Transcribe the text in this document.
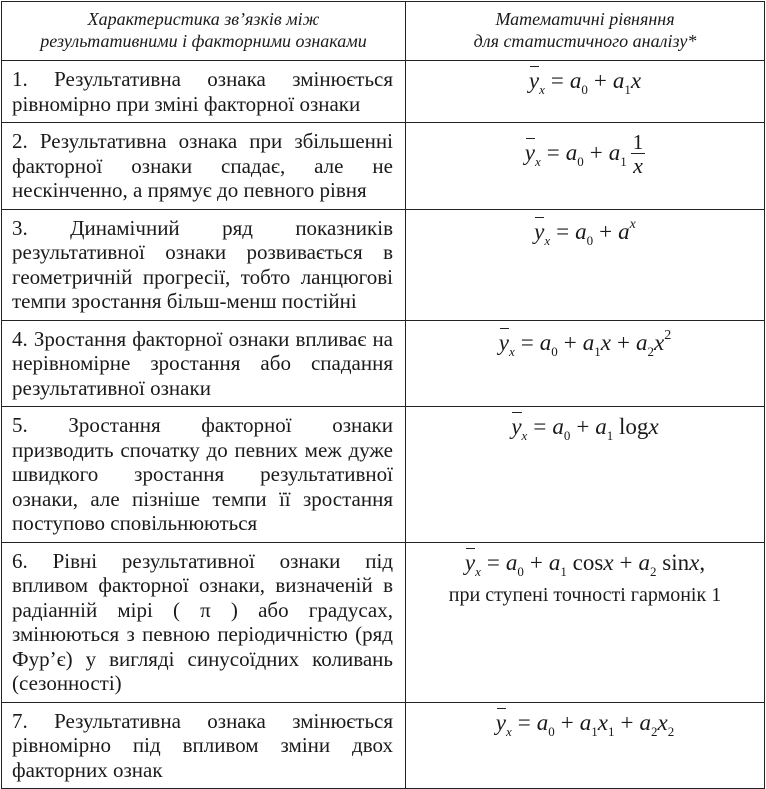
Характеристика зв’язків між
результативними і факторними ознаками	Математичні рівняння
для статистичного аналізу*

1. Результативна ознака змінюється рівномірно при зміні факторної ознаки	$y_x = a_0 + a_1x$

2. Результативна ознака при збільшенні факторної ознаки спадає, але не нескінченно, а прямує до певного рівня	$y_x = a_0 + a_1 \frac{1}{x}$

3. Динамічний ряд показників результативної ознаки розвивається в геометричній прогресії, тобто ланцюгові темпи зростання більш-менш постійні	$y_x = a_0 + a^x$

4. Зростання факторної ознаки впливає на нерівномірне зростання або спадання результативної ознаки	$y_x = a_0 + a_1x + a_2x^2$

5. Зростання факторної ознаки призводить спочатку до певних меж дуже швидкого зростання результативної ознаки, але пізніше темпи її зростання поступово сповільнюються	$y_x = a_0 + a_1$ logx

6. Рівні результативної ознаки під впливом факторної ознаки, визначеній в радіанній мірі ( π ) або градусах, змінюються з певною періодичністю (ряд Фур’є) у вигляді синусоїдних коливань (сезонності)	$y_x = a_0 + a_1$ $\cos x + a_2$ sinx,
при ступені точності гармонік 1

7. Результативна ознака змінюється рівномірно під впливом зміни двох факторних ознак	$y_x = a_0 + a_1x_1 + a_2x_2$
